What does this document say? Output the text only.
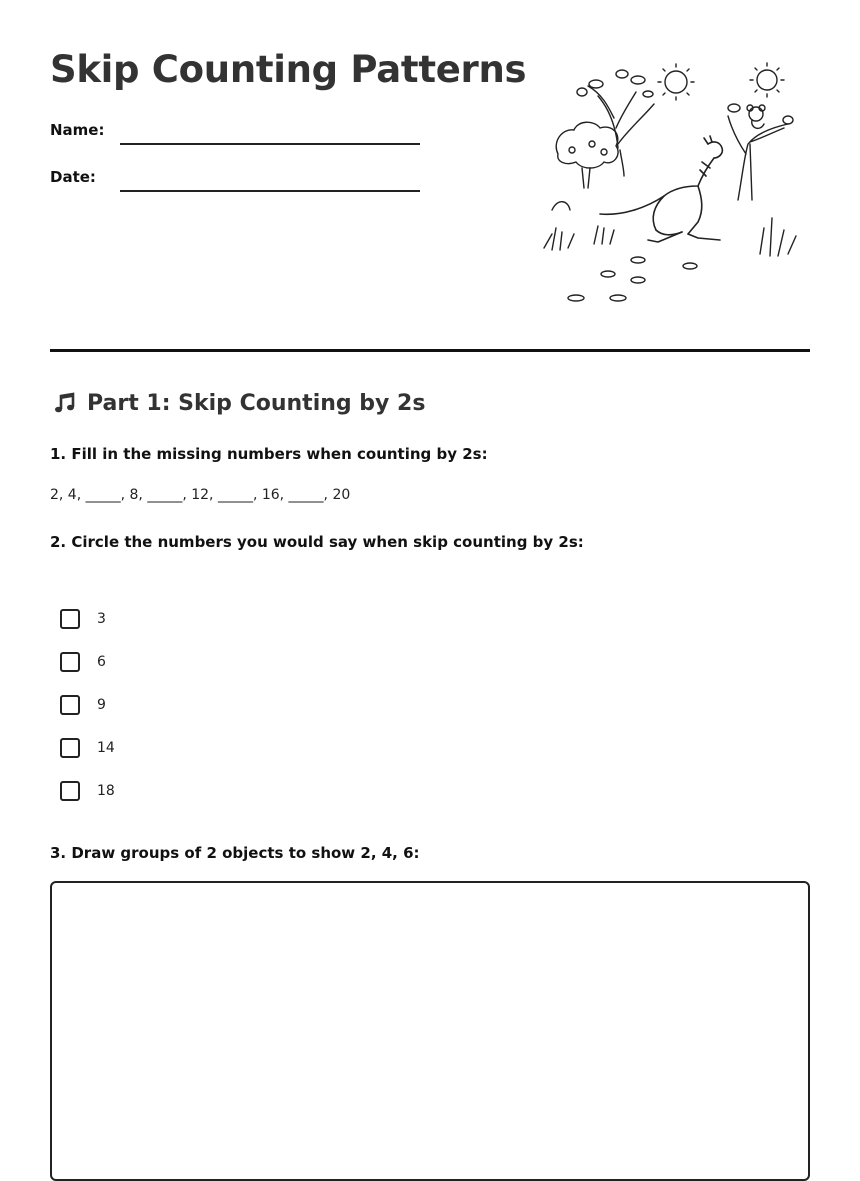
Skip Counting Patterns
Name:
Date:
Part 1: Skip Counting by 2s
1. Fill in the missing numbers when counting by 2s:
2, 4, _____, 8, _____, 12, _____, 16, _____, 20
2. Circle the numbers you would say when skip counting by 2s:
3
6
9
14
18
3. Draw groups of 2 objects to show 2, 4, 6:
